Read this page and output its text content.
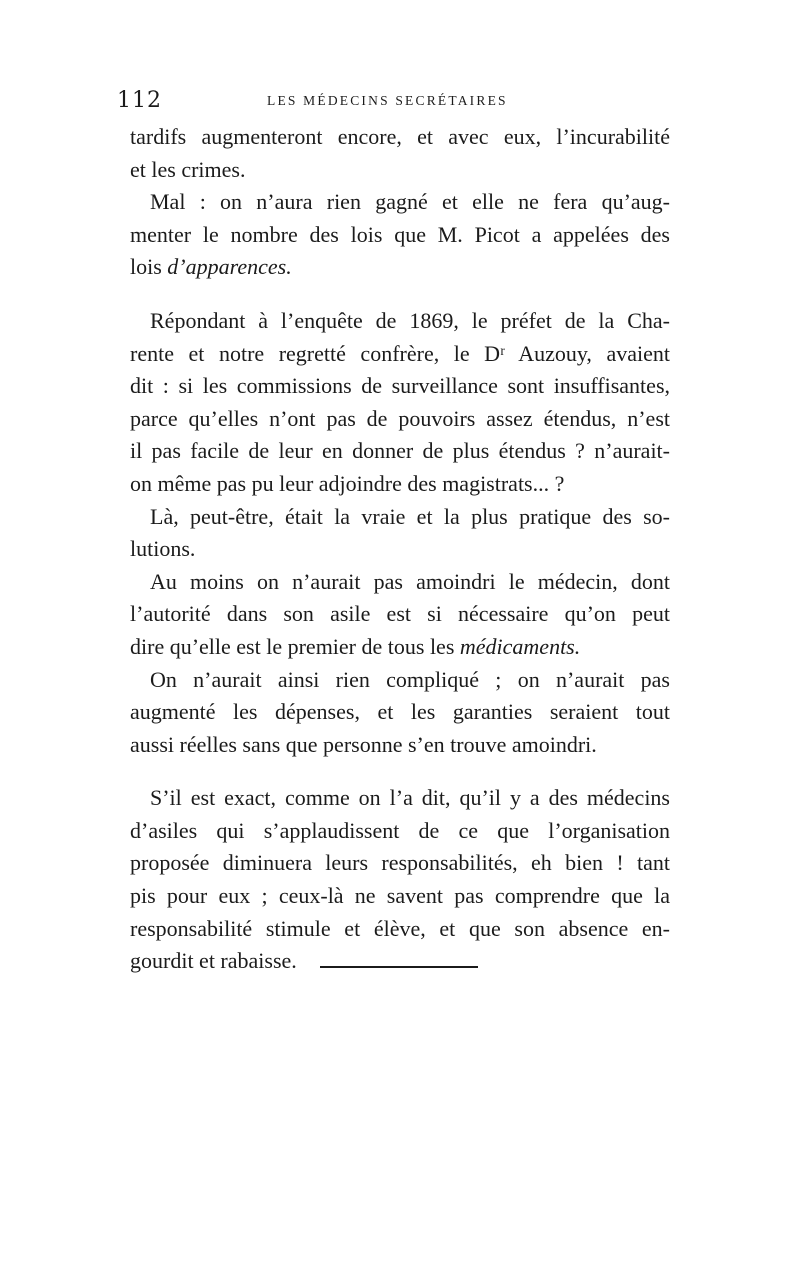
112	LES MÉDECINS SECRÉTAIRES
tardifs augmenteront encore, et avec eux, l’incurabilité
et les crimes.
Mal : on n’aura rien gagné et elle ne fera qu’aug-
menter le nombre des lois que M. Picot a appelées des
lois d’apparences.
Répondant à l’enquête de 1869, le préfet de la Cha-
rente et notre regretté confrère, le Dʳ Auzouy, avaient
dit : si les commissions de surveillance sont insuffisantes,
parce qu’elles n’ont pas de pouvoirs assez étendus, n’est
il pas facile de leur en donner de plus étendus ? n’aurait-
on même pas pu leur adjoindre des magistrats... ?
Là, peut-être, était la vraie et la plus pratique des so-
lutions.
Au moins on n’aurait pas amoindri le médecin, dont
l’autorité dans son asile est si nécessaire qu’on peut
dire qu’elle est le premier de tous les médicaments.
On n’aurait ainsi rien compliqué ; on n’aurait pas
augmenté les dépenses, et les garanties seraient tout
aussi réelles sans que personne s’en trouve amoindri.
S’il est exact, comme on l’a dit, qu’il y a des médecins
d’asiles qui s’applaudissent de ce que l’organisation
proposée diminuera leurs responsabilités, eh bien ! tant
pis pour eux ; ceux-là ne savent pas comprendre que la
responsabilité stimule et élève, et que son absence en-
gourdit et rabaisse.
